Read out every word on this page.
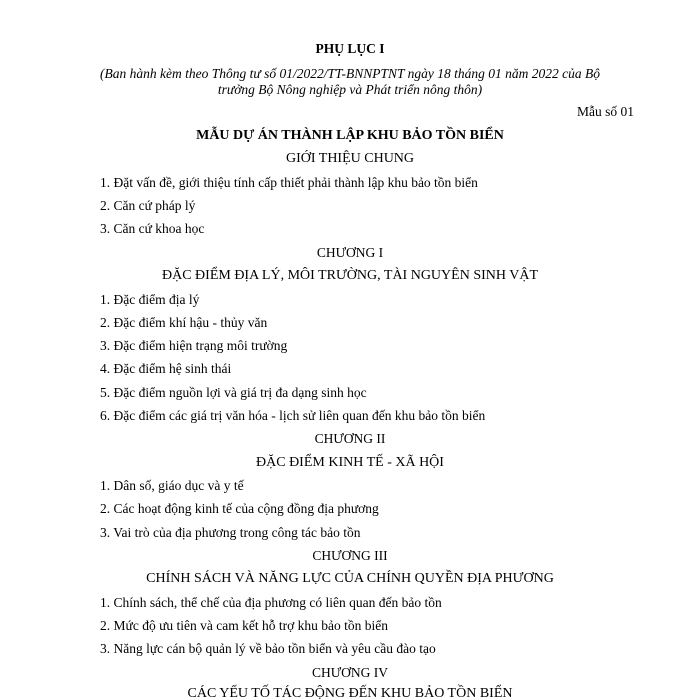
PHỤ LỤC I
(Ban hành kèm theo Thông tư số 01/2022/TT-BNNPTNT ngày 18 tháng 01 năm 2022 của Bộ
trưởng Bộ Nông nghiệp và Phát triển nông thôn)
Mẫu số 01
MẪU DỰ ÁN THÀNH LẬP KHU BẢO TỒN BIỂN
GIỚI THIỆU CHUNG
1. Đặt vấn đề, giới thiệu tính cấp thiết phải thành lập khu bảo tồn biển
2. Căn cứ pháp lý
3. Căn cứ khoa học
CHƯƠNG I
ĐẶC ĐIỂM ĐỊA LÝ, MÔI TRƯỜNG, TÀI NGUYÊN SINH VẬT
1. Đặc điểm địa lý
2. Đặc điểm khí hậu - thủy văn
3. Đặc điểm hiện trạng môi trường
4. Đặc điểm hệ sinh thái
5. Đặc điểm nguồn lợi và giá trị đa dạng sinh học
6. Đặc điểm các giá trị văn hóa - lịch sử liên quan đến khu bảo tồn biển
CHƯƠNG II
ĐẶC ĐIỂM KINH TẾ - XÃ HỘI
1. Dân số, giáo dục và y tế
2. Các hoạt động kinh tế của cộng đồng địa phương
3. Vai trò của địa phương trong công tác bảo tồn
CHƯƠNG III
CHÍNH SÁCH VÀ NĂNG LỰC CỦA CHÍNH QUYỀN ĐỊA PHƯƠNG
1. Chính sách, thể chế của địa phương có liên quan đến bảo tồn
2. Mức độ ưu tiên và cam kết hỗ trợ khu bảo tồn biển
3. Năng lực cán bộ quản lý về bảo tồn biển và yêu cầu đào tạo
CHƯƠNG IV
CÁC YẾU TỐ TÁC ĐỘNG ĐẾN KHU BẢO TỒN BIỂN
